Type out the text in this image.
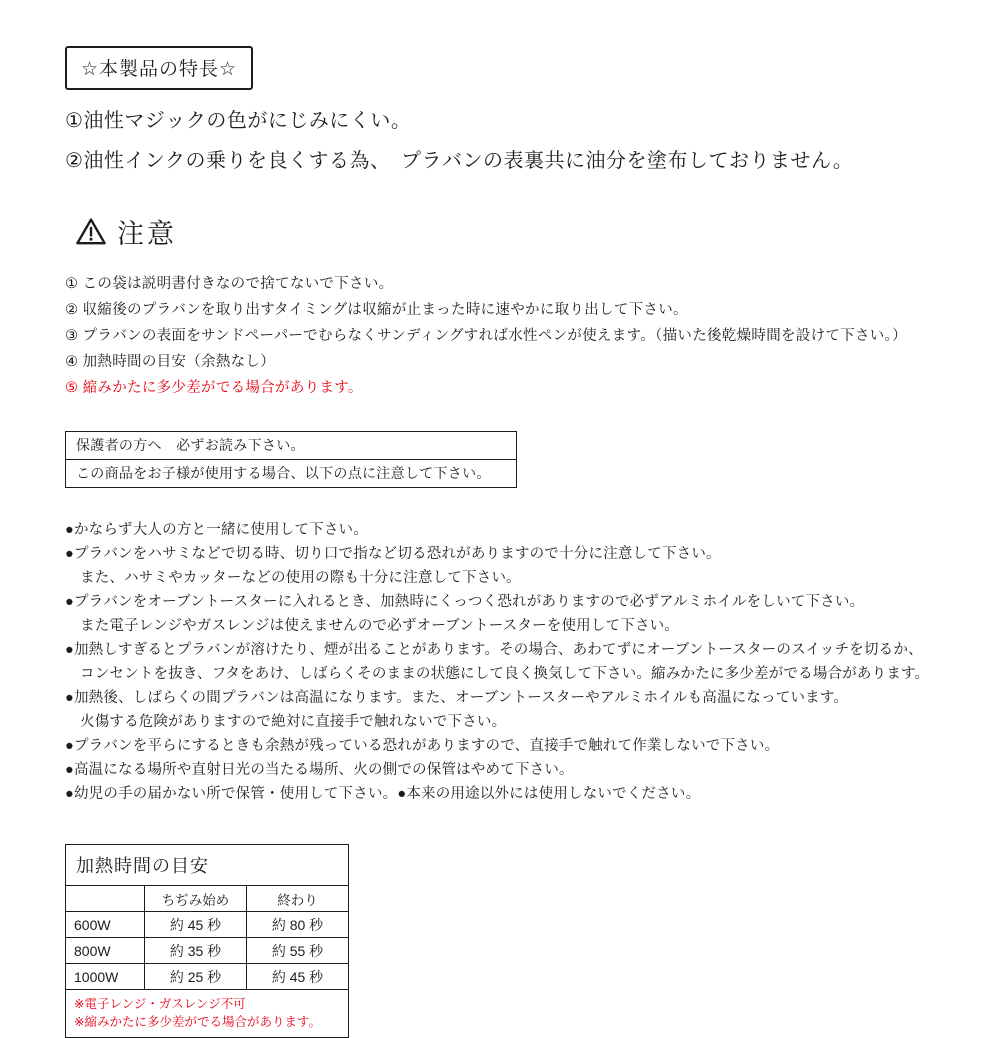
☆本製品の特長☆

①油性マジックの色がにじみにくい。

②油性インクの乗りを良くする為、　プラバンの表裏共に油分を塗布しておりません。

注意

① この袋は説明書付きなので捨てないで下さい。

② 収縮後のプラバンを取り出すタイミングは収縮が止まった時に速やかに取り出して下さい。

③ プラバンの表面をサンドペーパーでむらなくサンディングすれば水性ペンが使えます。（描いた後乾燥時間を設けて下さい。）

④ 加熱時間の目安（余熱なし）

⑤ 縮みかたに多少差がでる場合があります。

保護者の方へ　必ずお読み下さい。
この商品をお子様が使用する場合、以下の点に注意して下さい。

●かならず大人の方と一緒に使用して下さい。

●プラバンをハサミなどで切る時、切り口で指など切る恐れがありますので十分に注意して下さい。

また、ハサミやカッターなどの使用の際も十分に注意して下さい。

●プラバンをオーブントースターに入れるとき、加熱時にくっつく恐れがありますので必ずアルミホイルをしいて下さい。

また電子レンジやガスレンジは使えませんので必ずオーブントースターを使用して下さい。

●加熱しすぎるとプラバンが溶けたり、煙が出ることがあります。その場合、あわてずにオーブントースターのスイッチを切るか、

コンセントを抜き、フタをあけ、しばらくそのままの状態にして良く換気して下さい。縮みかたに多少差がでる場合があります。

●加熱後、しばらくの間プラバンは高温になります。また、オーブントースターやアルミホイルも高温になっています。

火傷する危険がありますので絶対に直接手で触れないで下さい。

●プラバンを平らにするときも余熱が残っている恐れがありますので、直接手で触れて作業しないで下さい。

●高温になる場所や直射日光の当たる場所、火の側での保管はやめて下さい。

●幼児の手の届かない所で保管・使用して下さい。●本来の用途以外には使用しないでください。

加熱時間の目安		
	ちぢみ始め	終わり
600W	約 45 秒	約 80 秒
800W	約 35 秒	約 55 秒
1000W	約 25 秒	約 45 秒

※電子レンジ・ガスレンジ不可

※縮みかたに多少差がでる場合があります。		
